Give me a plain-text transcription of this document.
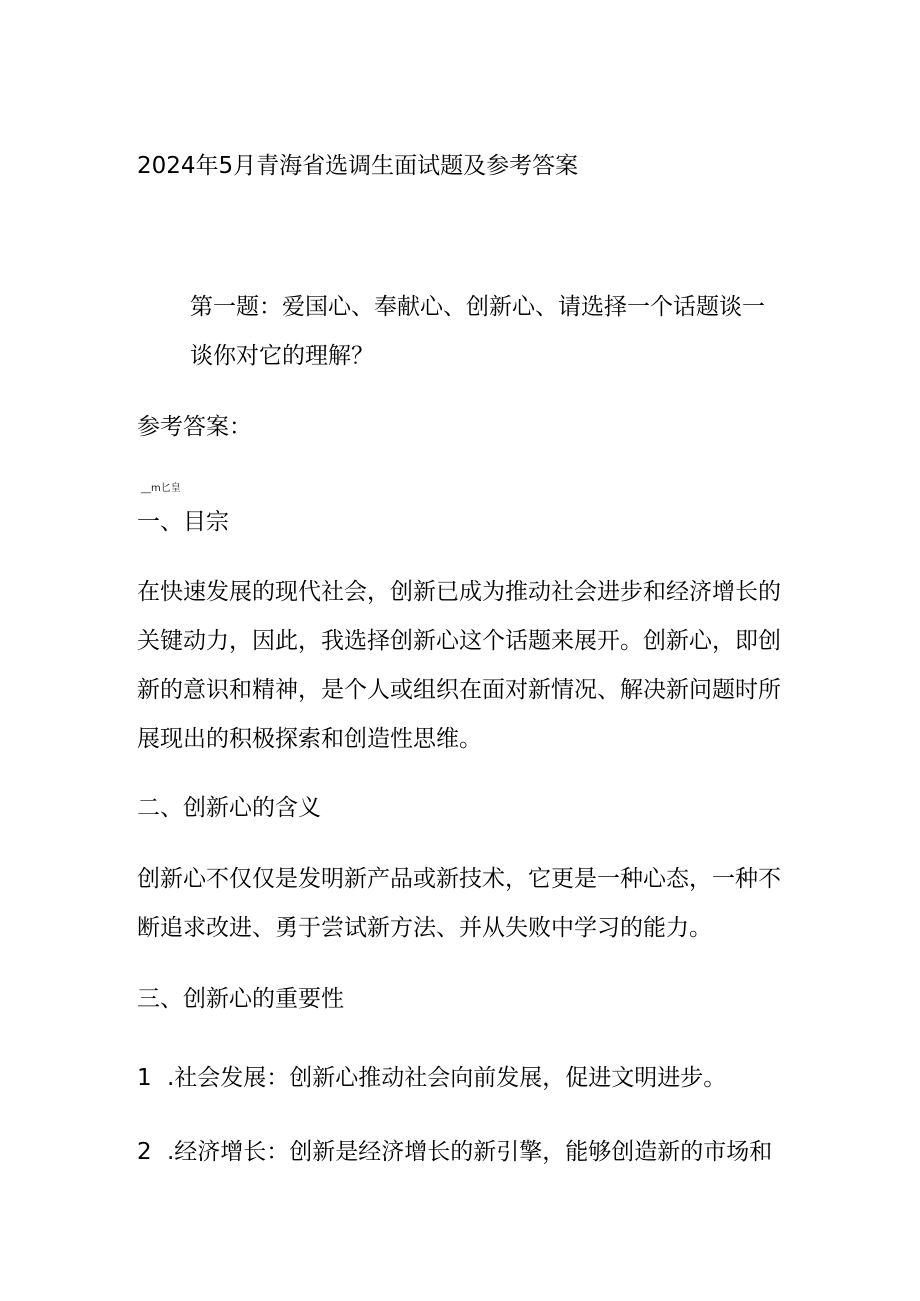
2024年5月青海省选调生面试题及参考答案

第一题：爱国心、奉献心、创新心、请选择一个话题谈一

谈你对它的理解？

参考答案：

__m匕皇

一、目宗

在快速发展的现代社会，创新已成为推动社会进步和经济增长的
关键动力，因此，我选择创新心这个话题来展开。创新心，即创
新的意识和精神，是个人或组织在面对新情况、解决新问题时所
展现出的积极探索和创造性思维。

二、创新心的含义

创新心不仅仅是发明新产品或新技术，它更是一种心态，一种不
断追求改进、勇于尝试新方法、并从失败中学习的能力。

三、创新心的重要性

1 .社会发展：创新心推动社会向前发展，促进文明进步。

2 .经济增长：创新是经济增长的新引擎，能够创造新的市场和
